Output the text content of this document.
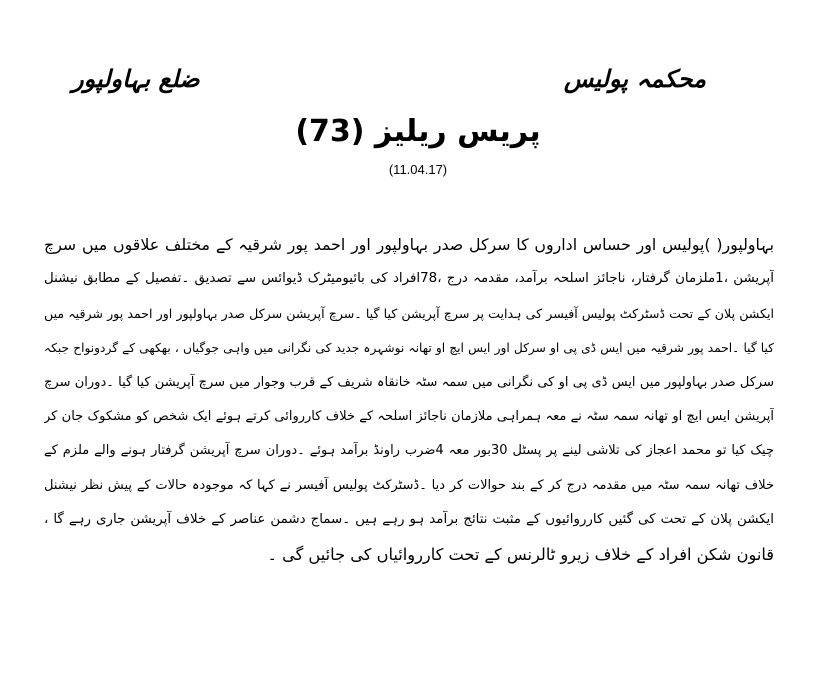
محکمہ پولیس
ضلع بہاولپور
پریس ریلیز (73)
(11.04.17)
بہاولپور( )پولیس اور حساس اداروں کا سرکل صدر بہاولپور اور احمد پور شرقیہ کے مختلف علاقوں میں سرچ
آپریشن ،1ملزمان گرفتار، ناجائز اسلحہ برآمد، مقدمہ درج ،78افراد کی بائیومیٹرک ڈیوائس سے تصدیق ۔تفصیل کے مطابق نیشنل
ایکشن پلان کے تحت ڈسٹرکٹ پولیس آفیسر کی ہدایت پر سرچ آپریشن کیا گیا ۔سرچ آپریشن سرکل صدر بہاولپور اور احمد پور شرقیہ میں
کیا گیا ۔احمد پور شرقیہ میں ایس ڈی پی او سرکل اور ایس ایچ او تھانہ نوشہرہ جدید کی نگرانی میں واہی جوگیاں ، بھکھی کے گردونواح جبکہ
سرکل صدر بہاولپور میں ایس ڈی پی او کی نگرانی میں سمہ سٹہ خانقاہ شریف کے قرب وجوار میں سرچ آپریشن کیا گیا ۔دوران سرچ
آپریشن ایس ایچ او تھانہ سمہ سٹہ نے معہ ہمراہی ملازمان ناجائز اسلحہ کے خلاف کارروائی کرتے ہوئے ایک شخص کو مشکوک جان کر
چیک کیا تو محمد اعجاز کی تلاشی لینے پر پسٹل 30بور معہ 4ضرب راونڈ برآمد ہوئے ۔دوران سرچ آپریشن گرفتار ہونے والے ملزم کے
خلاف تھانہ سمہ سٹہ میں مقدمہ درج کر کے بند حوالات کر دیا ۔ڈسٹرکٹ پولیس آفیسر نے کہا کہ موجودہ حالات کے پیش نظر نیشنل
ایکشن پلان کے تحت کی گئیں کارروائیوں کے مثبت نتائج برآمد ہو رہے ہیں ۔سماج دشمن عناصر کے خلاف آپریشن جاری رہے گا ،
قانون شکن افراد کے خلاف زیرو ٹالرنس کے تحت کارروائیاں کی جائیں گی ۔
